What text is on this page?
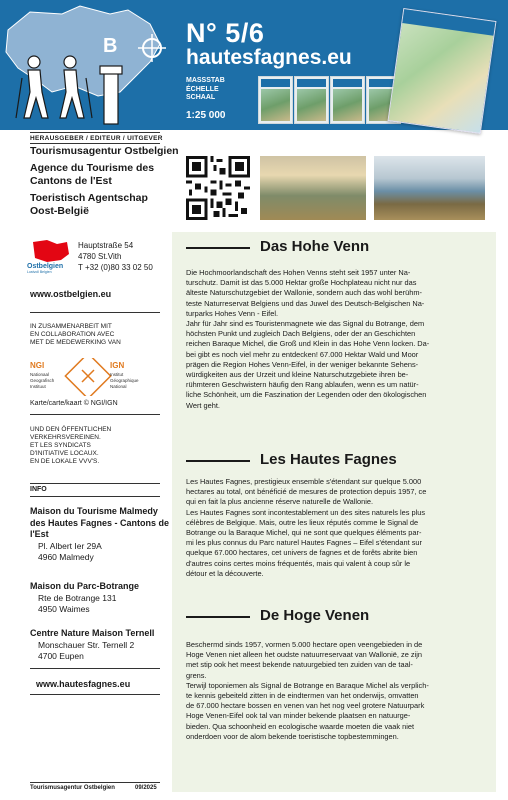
B	N° 5/6
hautesfagnes.eu
MASSSTAB
ÉCHELLE
SCHAAL
1:25 000
HERAUSGEBER / EDITEUR / UITGEVER
Tourismusagentur Ostbelgien
Agence du Tourisme des Cantons de l'Est
Toeristisch Agentschap Oost-België
Ostbelgien
Lustvoll Belgien
Hauptstraße 54
4780 St.Vith
T +32 (0)80 33 02 50
www.ostbelgien.eu
IN ZUSAMMENARBEIT MIT
EN COLLABORATION AVEC
MET DE MEDEWERKING VAN
NGI
Nationaal
Geografisch
Instituut
IGN
Institut
Géographique
National
Karte/carte/kaart © NGI/IGN
UND DEN ÖFFENTLICHEN
VERKEHRSVEREINEN.
ET LES SYNDICATS
D'INITIATIVE LOCAUX.
EN DE LOKALE VVV'S.
INFO
Maison du Tourisme Malmedy des Hautes Fagnes - Cantons de l'Est
Pl. Albert Ier 29A
4960 Malmedy
Maison du Parc-Botrange
Rte de Botrange 131
4950 Waimes
Centre Nature Maison Ternell
Monschauer Str. Ternell 2
4700 Eupen
www.hautesfagnes.eu
Tourismusagentur Ostbelgien	09/2025
Das Hohe Venn
Die Hochmoorlandschaft des Hohen Venns steht seit 1957 unter Na-
turschutz. Damit ist das 5.000 Hektar große Hochplateau nicht nur das
älteste Naturschutzgebiet der Wallonie, sondern auch das wohl berühm-
teste Naturreservat Belgiens und das Juwel des Deutsch-Belgischen Na-
turparks Hohes Venn - Eifel.
Jahr für Jahr sind es Touristenmagnete wie das Signal du Botrange, dem
höchsten Punkt und zugleich Dach Belgiens, oder der an Geschichten
reichen Baraque Michel, die Groß und Klein in das Hohe Venn locken. Da-
bei gibt es noch viel mehr zu entdecken! 67.000 Hektar Wald und Moor
prägen die Region Hohes Venn-Eifel, in der weniger bekannte Sehens-
würdigkeiten aus der Urzeit und kleine Naturschutzgebiete ihren be-
rühmteren Geschwistern häufig den Rang ablaufen, wenn es um natür-
liche Schönheit, um die Faszination der Legenden oder den ökologischen
Wert geht.
Les Hautes Fagnes
Les Hautes Fagnes, prestigieux ensemble s'étendant sur quelque 5.000
hectares au total, ont bénéficié de mesures de protection depuis 1957, ce
qui en fait la plus ancienne réserve naturelle de Wallonie.
Les Hautes Fagnes sont incontestablement un des sites naturels les plus
célèbres de Belgique. Mais, outre les lieux réputés comme le Signal de
Botrange ou la Baraque Michel, qui ne sont que quelques éléments par-
mi les plus connus du Parc naturel Hautes Fagnes – Eifel s'étendant sur
quelque 67.000 hectares, cet univers de fagnes et de forêts abrite bien
d'autres coins certes moins fréquentés, mais qui valent à coup sûr le
détour et la découverte.
De Hoge Venen
Beschermd sinds 1957, vormen 5.000 hectare open veengebieden in de
Hoge Venen niet alleen het oudste natuurreservaat van Wallonië, ze zijn
met stip ook het meest bekende natuurgebied ten zuiden van de taal-
grens.
Terwijl toponiemen als Signal de Botrange en Baraque Michel als verplich-
te kennis gebeiteld zitten in de eindtermen van het onderwijs, omvatten
de 67.000 hectare bossen en venen van het nog veel grotere Natuurpark
Hoge Venen-Eifel ook tal van minder bekende plaatsen en natuurge-
bieden. Qua schoonheid en ecologische waarde moeten die vaak niet
onderdoen voor de alom bekende toeristische topbestemmingen.
